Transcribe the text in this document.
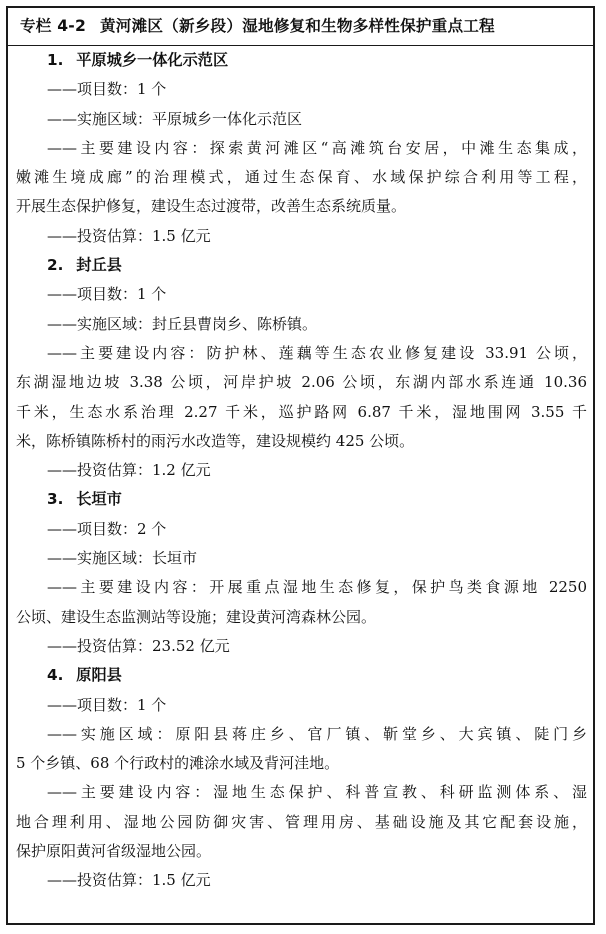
专栏 4-2 黄河滩区（新乡段）湿地修复和生物多样性保护重点工程
1. 平原城乡一体化示范区
——项目数：1 个
——实施区域：平原城乡一体化示范区
——主要建设内容：探索黄河滩区“高滩筑台安居，中滩生态集成，
嫩滩生境成廊”的治理模式，通过生态保育、水域保护综合利用等工程，
开展生态保护修复，建设生态过渡带，改善生态系统质量。
——投资估算：1.5 亿元
2. 封丘县
——项目数：1 个
——实施区域：封丘县曹岗乡、陈桥镇。
——主要建设内容：防护林、莲藕等生态农业修复建设 33.91 公顷，
东湖湿地边坡 3.38 公顷，河岸护坡 2.06 公顷，东湖内部水系连通 10.36
千米，生态水系治理 2.27 千米，巡护路网 6.87 千米，湿地围网 3.55 千
米，陈桥镇陈桥村的雨污水改造等，建设规模约 425 公顷。
——投资估算：1.2 亿元
3. 长垣市
——项目数：2 个
——实施区域：长垣市
——主要建设内容：开展重点湿地生态修复，保护鸟类食源地 2250
公顷、建设生态监测站等设施；建设黄河湾森林公园。
——投资估算：23.52 亿元
4. 原阳县
——项目数：1 个
——实施区域：原阳县蒋庄乡、官厂镇、靳堂乡、大宾镇、陡门乡
5 个乡镇、68 个行政村的滩涂水域及背河洼地。
——主要建设内容：湿地生态保护、科普宣教、科研监测体系、湿
地合理利用、湿地公园防御灾害、管理用房、基础设施及其它配套设施，
保护原阳黄河省级湿地公园。
——投资估算：1.5 亿元
